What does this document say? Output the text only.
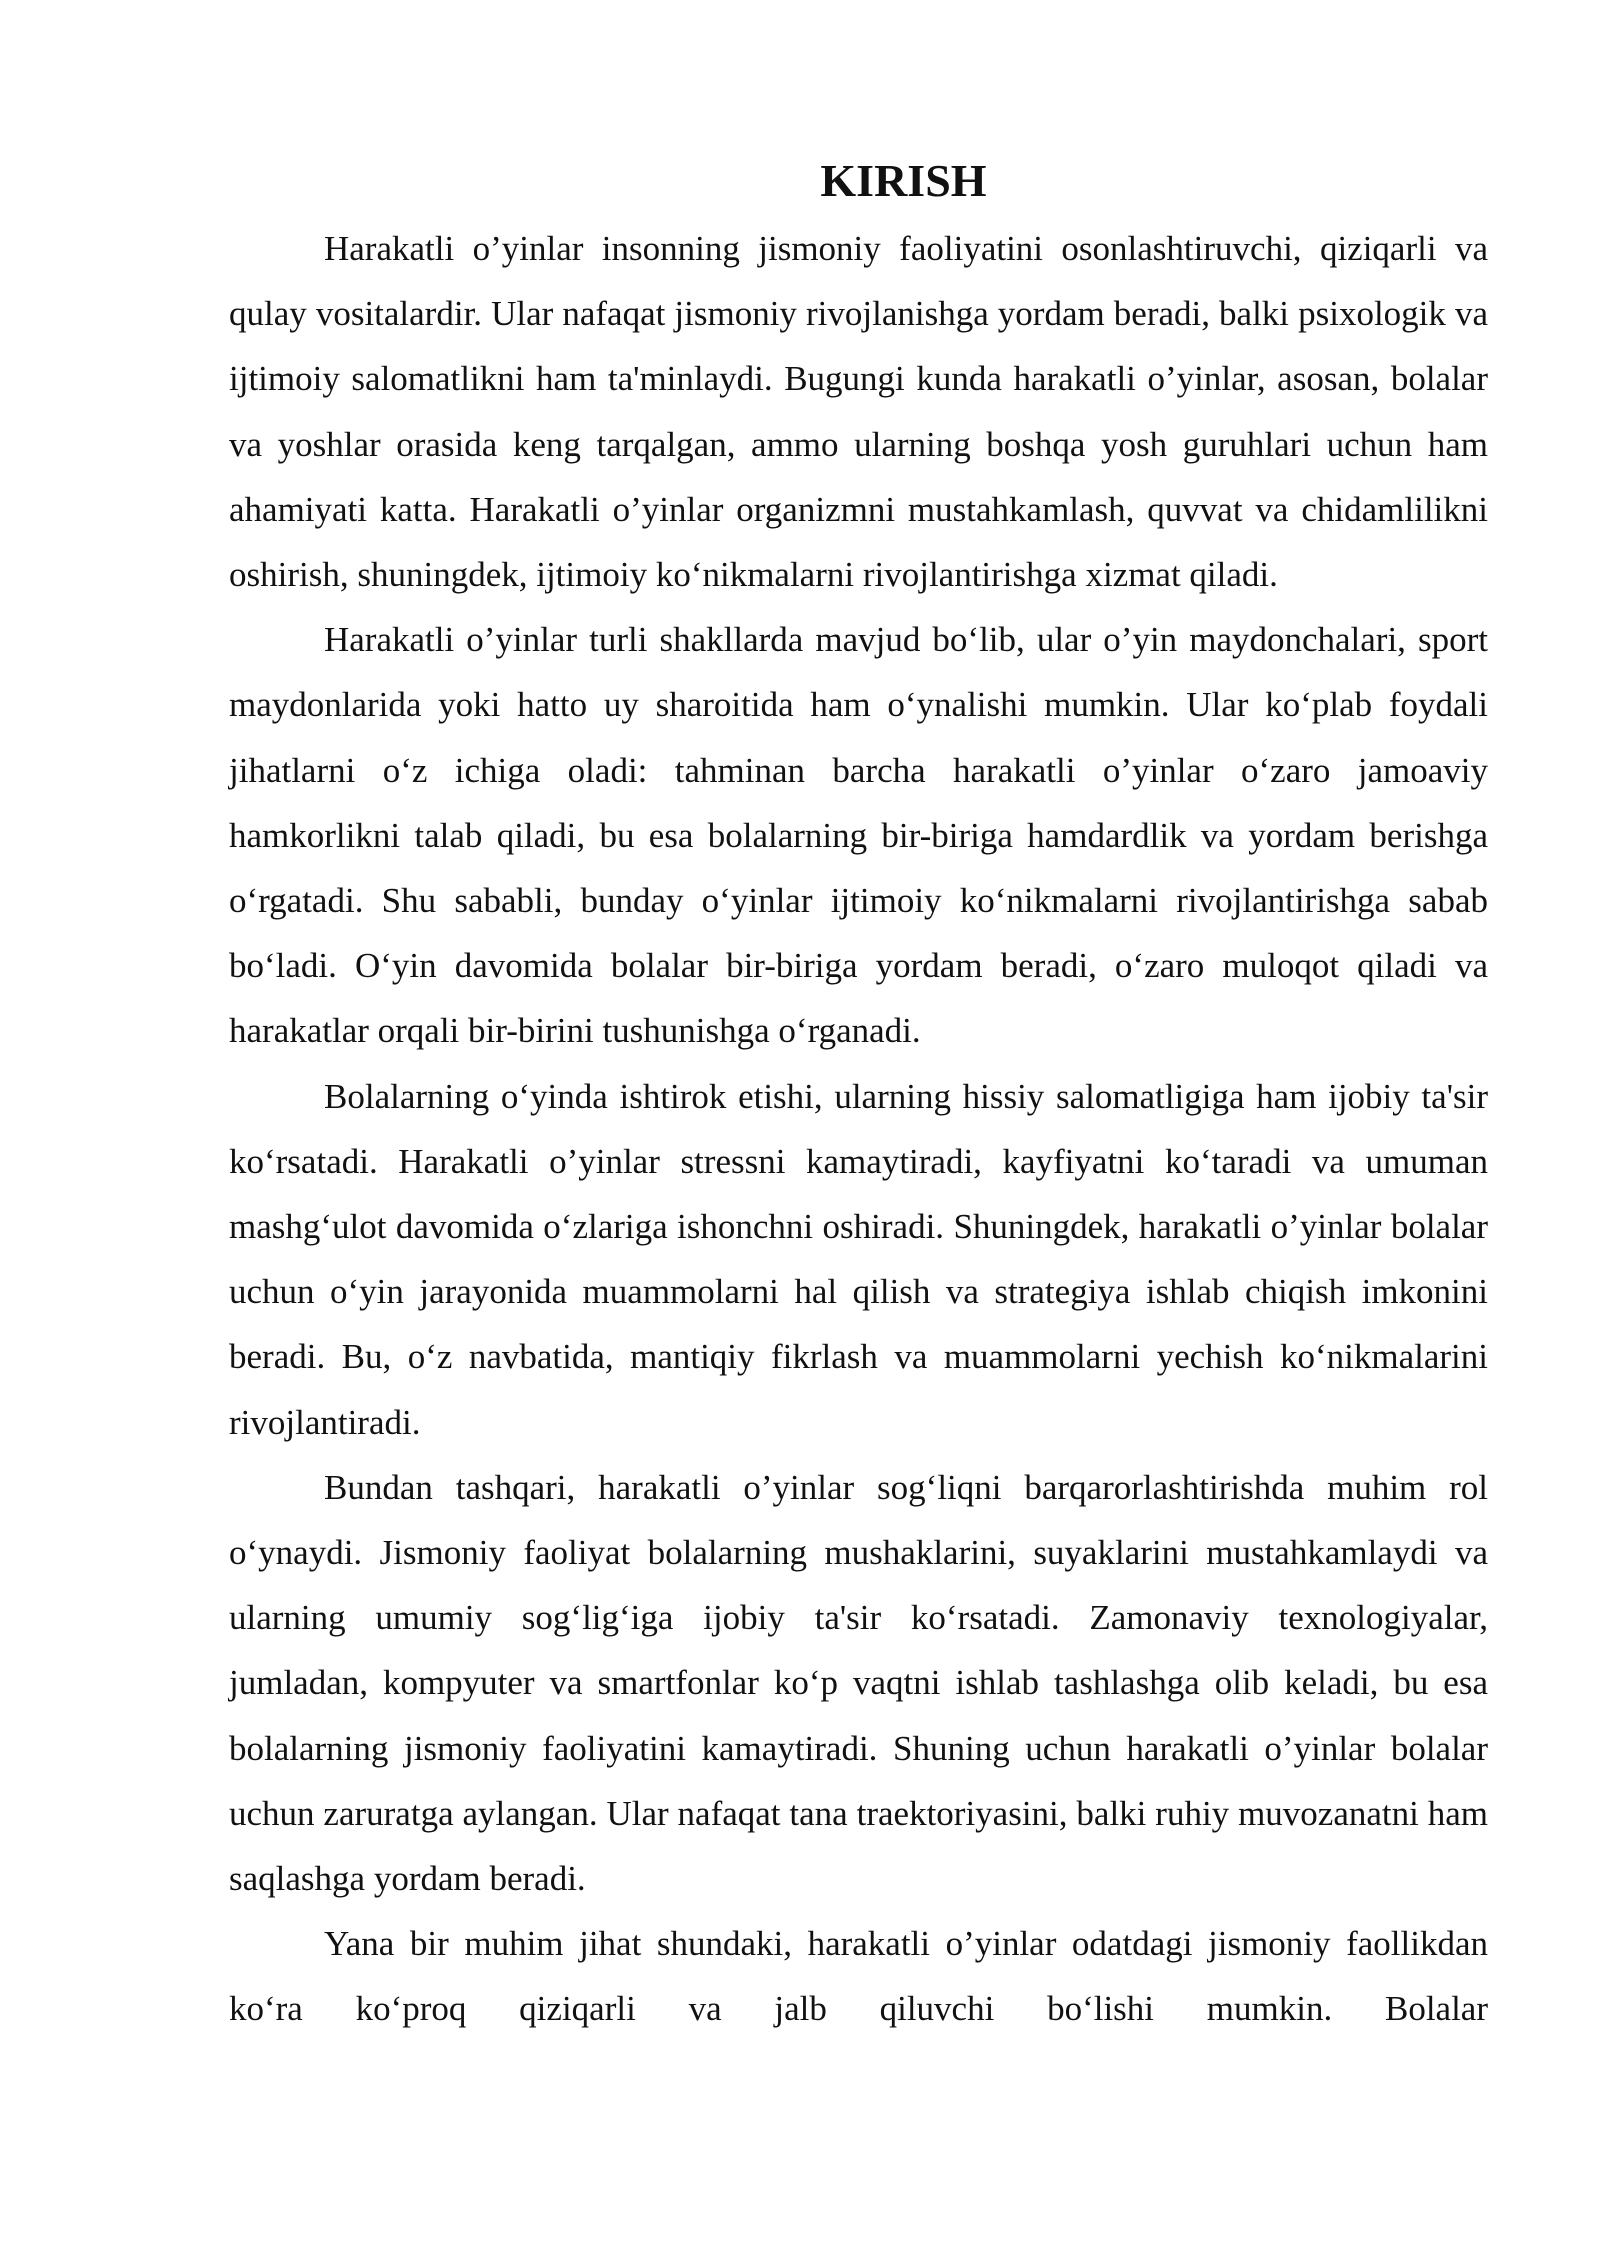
KIRISH

Harakatli o’yinlar insonning jismoniy faoliyatini osonlashtiruvchi, qiziqarli va qulay vositalardir. Ular nafaqat jismoniy rivojlanishga yordam beradi, balki psixologik va ijtimoiy salomatlikni ham ta'minlaydi. Bugungi kunda harakatli o’yinlar, asosan, bolalar va yoshlar orasida keng tarqalgan, ammo ularning boshqa yosh guruhlari uchun ham ahamiyati katta. Harakatli o’yinlar organizmni mustahkamlash, quvvat va chidamlilikni oshirish, shuningdek, ijtimoiy ko‘nikmalarni rivojlantirishga xizmat qiladi.

Harakatli o’yinlar turli shakllarda mavjud bo‘lib, ular o’yin maydonchalari, sport maydonlarida yoki hatto uy sharoitida ham o‘ynalishi mumkin. Ular ko‘plab foydali jihatlarni o‘z ichiga oladi: tahminan barcha harakatli o’yinlar o‘zaro jamoaviy hamkorlikni talab qiladi, bu esa bolalarning bir-biriga hamdardlik va yordam berishga o‘rgatadi. Shu sababli, bunday o‘yinlar ijtimoiy ko‘nikmalarni rivojlantirishga sabab bo‘ladi. O‘yin davomida bolalar bir-biriga yordam beradi, o‘zaro muloqot qiladi va harakatlar orqali bir-birini tushunishga o‘rganadi.

Bolalarning o‘yinda ishtirok etishi, ularning hissiy salomatligiga ham ijobiy ta'sir ko‘rsatadi. Harakatli o’yinlar stressni kamaytiradi, kayfiyatni ko‘taradi va umuman mashg‘ulot davomida o‘zlariga ishonchni oshiradi. Shuningdek, harakatli o’yinlar bolalar uchun o‘yin jarayonida muammolarni hal qilish va strategiya ishlab chiqish imkonini beradi. Bu, o‘z navbatida, mantiqiy fikrlash va muammolarni yechish ko‘nikmalarini rivojlantiradi.

Bundan tashqari, harakatli o’yinlar sog‘liqni barqarorlashtirishda muhim rol o‘ynaydi. Jismoniy faoliyat bolalarning mushaklarini, suyaklarini mustahkamlaydi va ularning umumiy sog‘lig‘iga ijobiy ta'sir ko‘rsatadi. Zamonaviy texnologiyalar, jumladan, kompyuter va smartfonlar ko‘p vaqtni ishlab tashlashga olib keladi, bu esa bolalarning jismoniy faoliyatini kamaytiradi. Shuning uchun harakatli o’yinlar bolalar uchun zaruratga aylangan. Ular nafaqat tana traektoriyasini, balki ruhiy muvozanatni ham saqlashga yordam beradi.

Yana bir muhim jihat shundaki, harakatli o’yinlar odatdagi jismoniy faollikdan ko‘ra ko‘proq qiziqarli va jalb qiluvchi bo‘lishi mumkin. Bolalar
